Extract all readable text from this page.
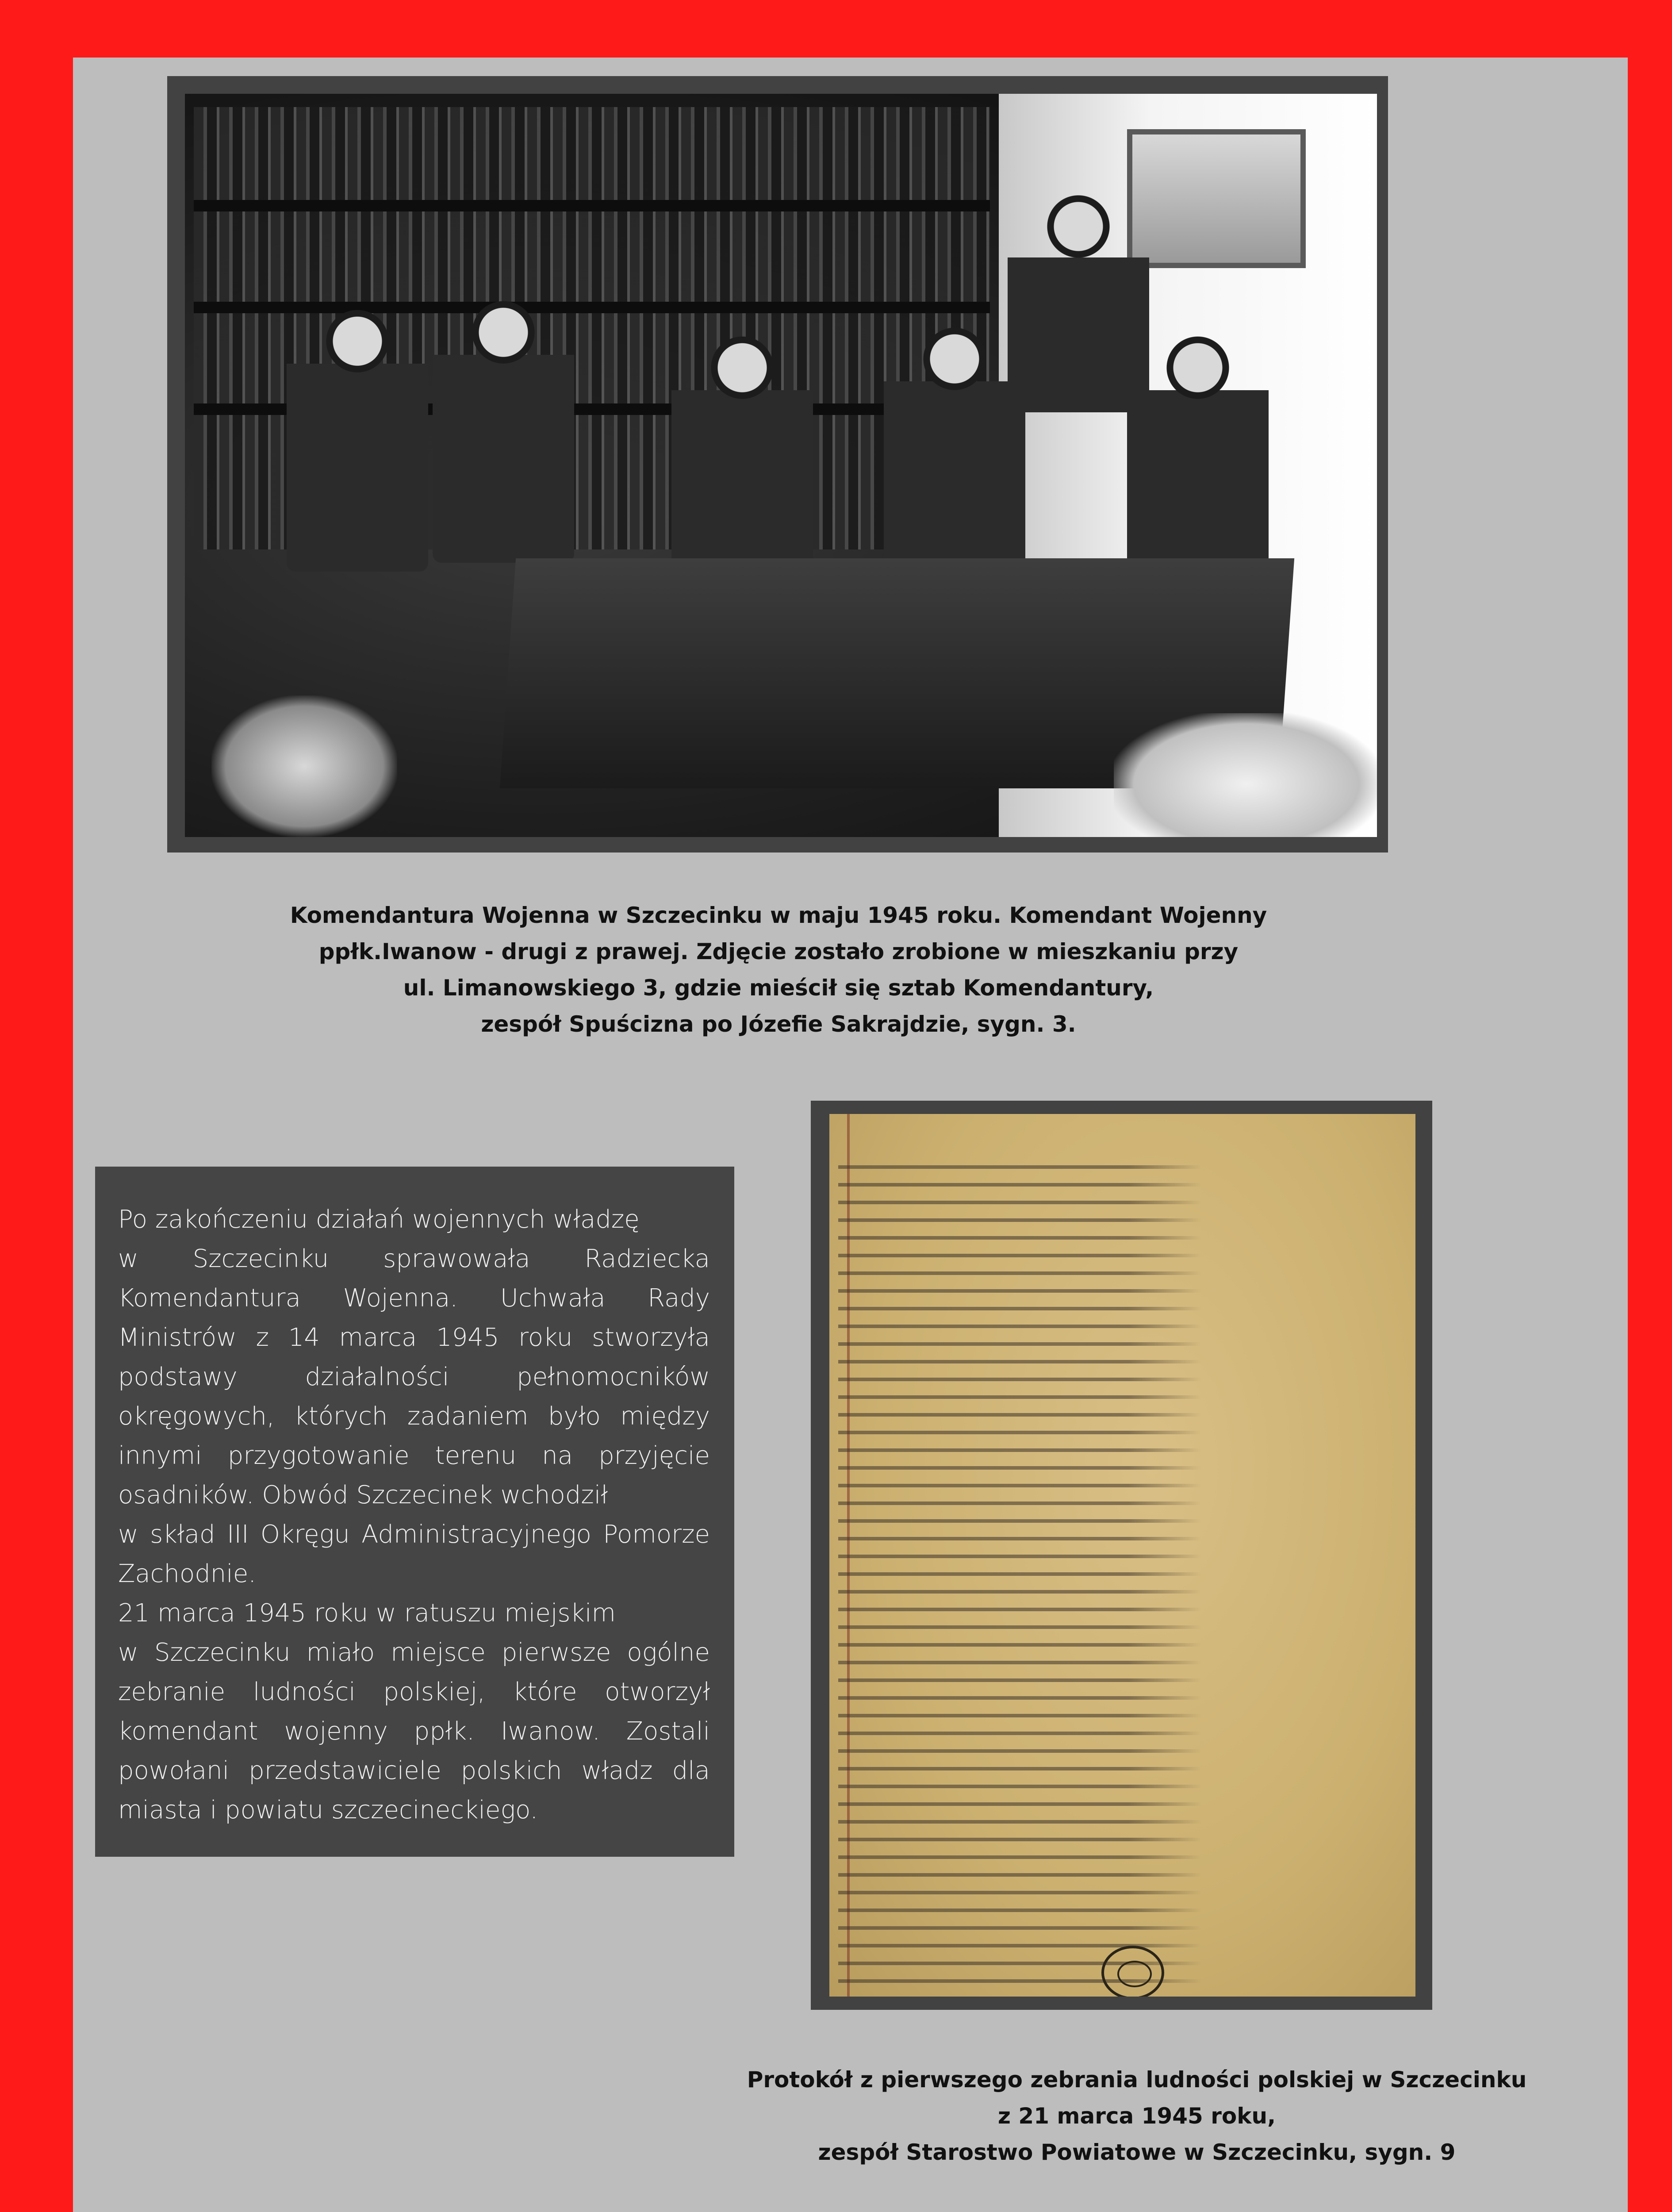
Komendantura Wojenna w Szczecinku w maju 1945 roku. Komendant Wojenny
ppłk.Iwanow - drugi z prawej. Zdjęcie zostało zrobione w mieszkaniu przy
ul. Limanowskiego 3, gdzie mieścił się sztab Komendantury,
zespół Spuścizna po Józefie Sakrajdzie, sygn. 3.

Po zakończeniu działań wojennych władzę

w Szczecinku sprawowała Radziecka Komendantura Wojenna. Uchwała Rady Ministrów z 14 marca 1945 roku stworzyła podstawy działalności pełnomocników okręgowych, których zadaniem było między innymi przygotowanie terenu na przyjęcie osadników. Obwód Szczecinek wchodził

w skład III Okręgu Administracyjnego Pomorze Zachodnie.

21 marca 1945 roku w ratuszu miejskim

w Szczecinku miało miejsce pierwsze ogólne zebranie ludności polskiej, które otworzył komendant wojenny ppłk. Iwanow. Zostali powołani przedstawiciele polskich władz dla miasta i powiatu szczecineckiego.

Protokół z pierwszego zebrania ludności polskiej w Szczecinku
z 21 marca 1945 roku,
zespół Starostwo Powiatowe w Szczecinku, sygn. 9
